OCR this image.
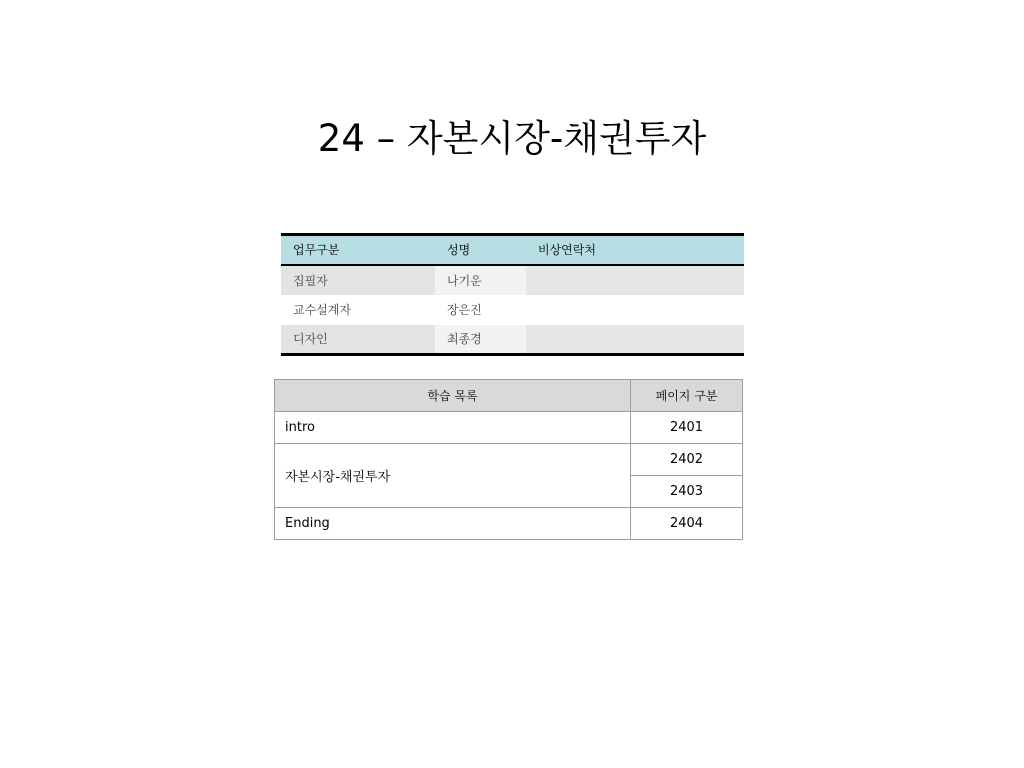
24 – 자본시장-채권투자
업무구분	성명	비상연락처
집필자	나기운	
교수설계자	장은진	
디자인	최종경	
학습 목록	페이지 구분
intro	2401
자본시장-채권투자	2402
	2403
Ending	2404
